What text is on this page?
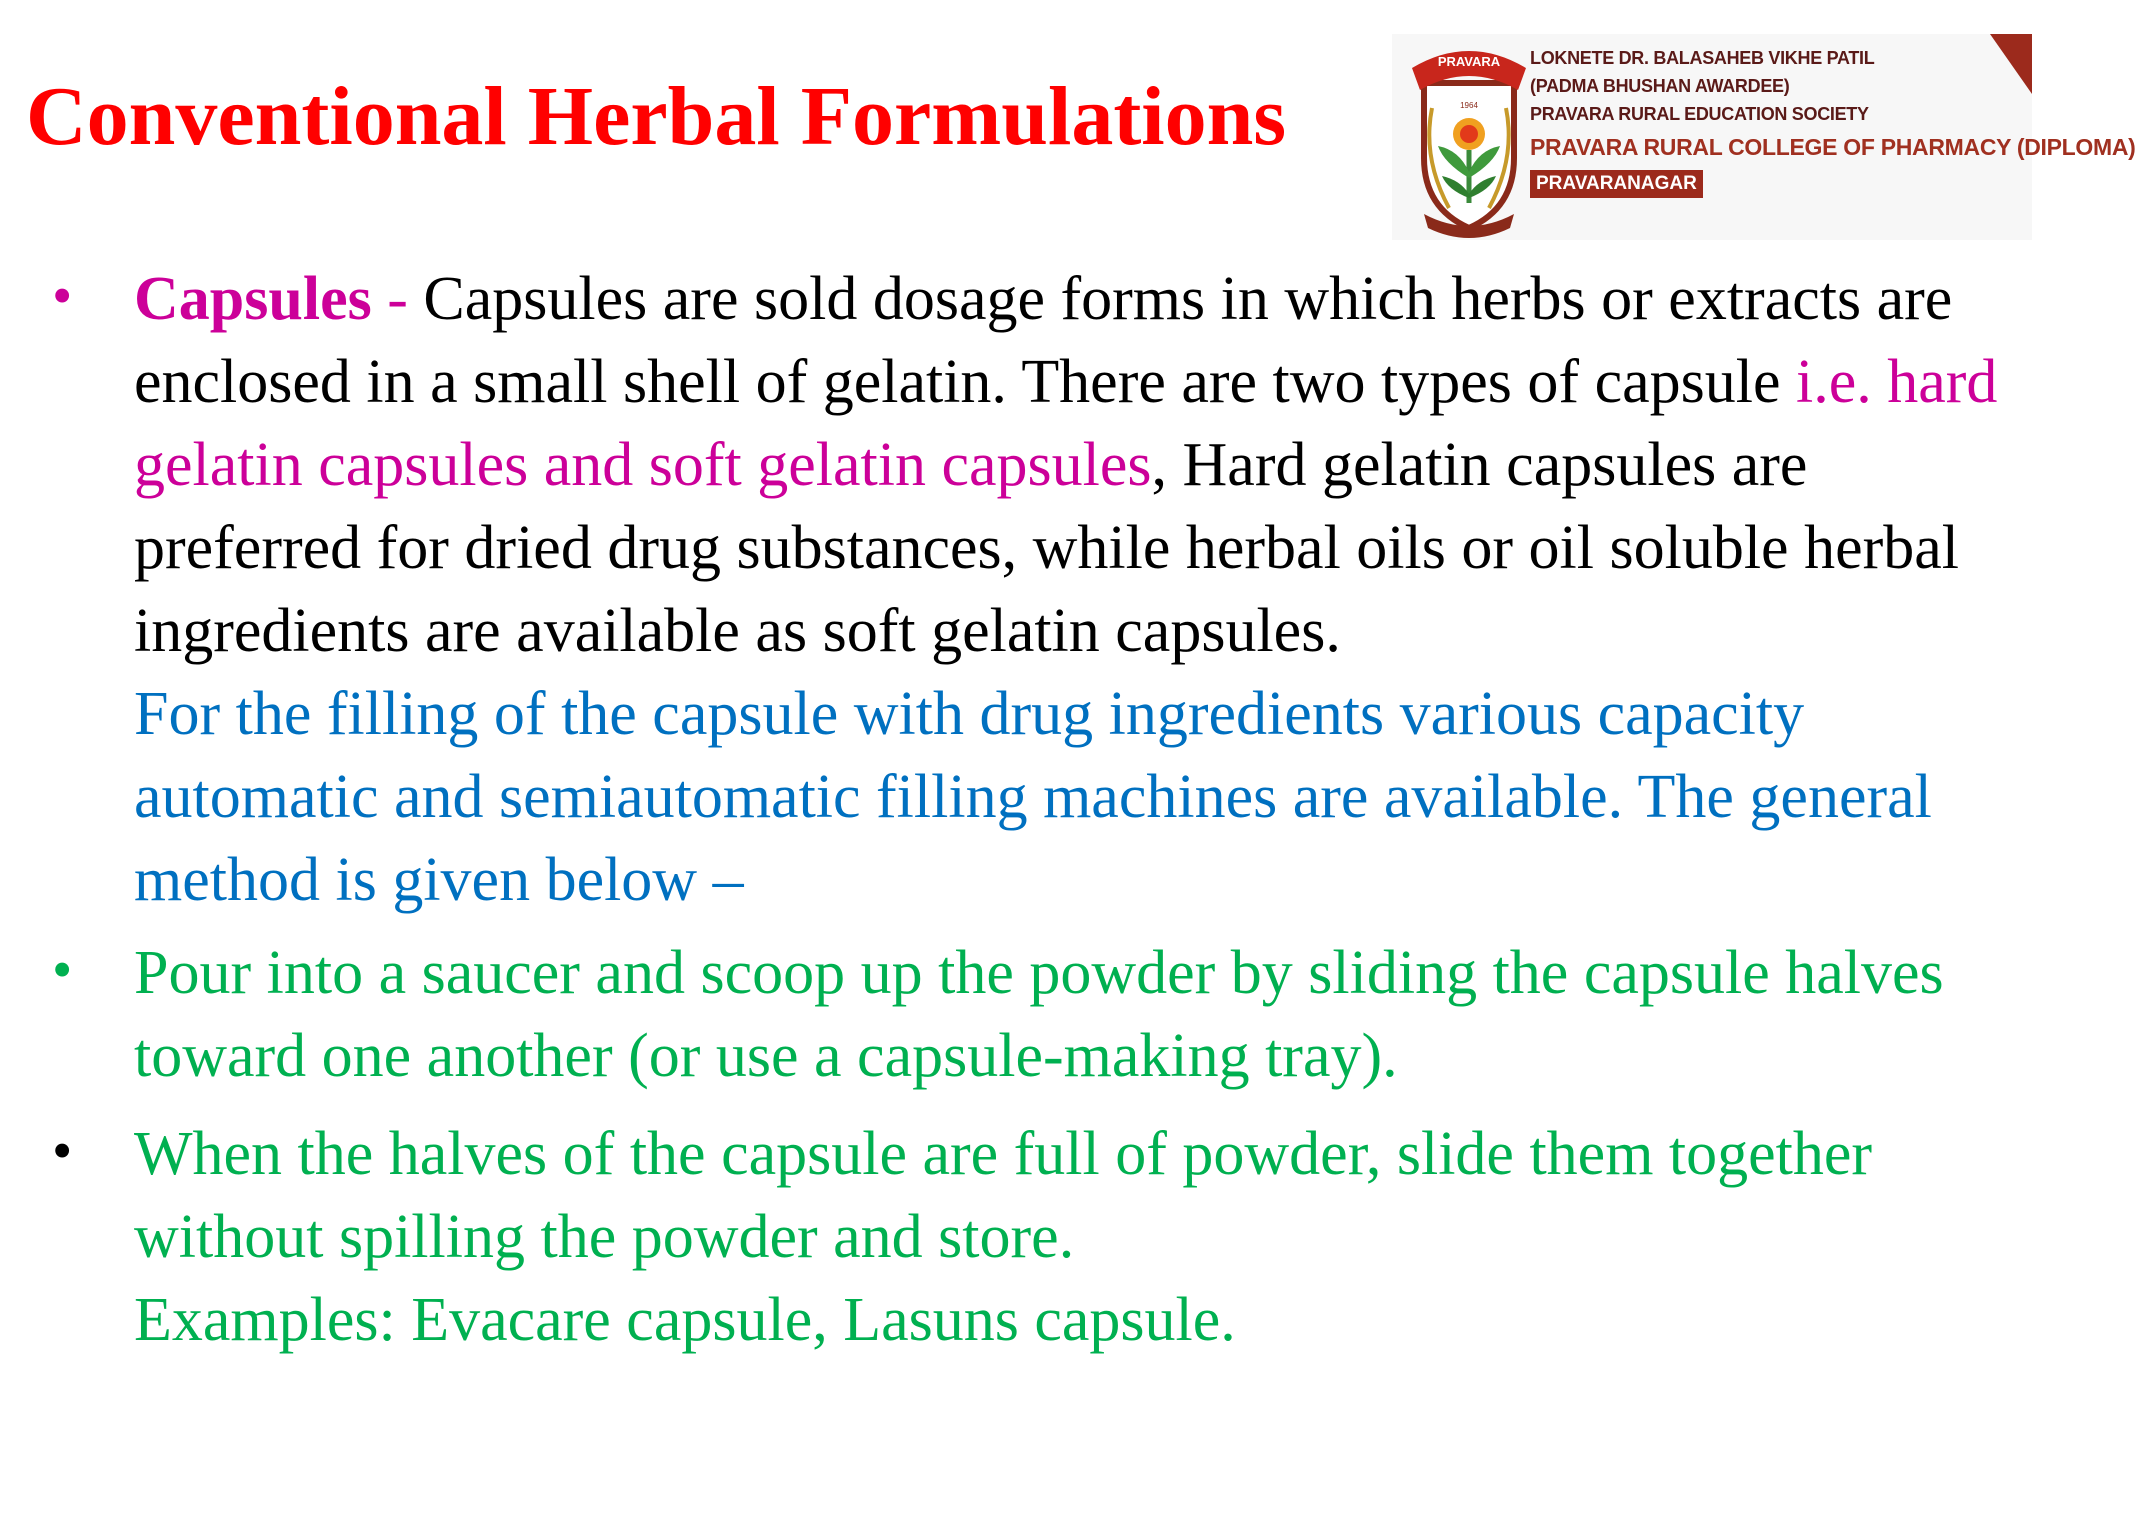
Conventional Herbal Formulations
PRAVARA
1964
LOKNETE DR. BALASAHEB VIKHE PATIL
(PADMA BHUSHAN AWARDEE)
PRAVARA RURAL EDUCATION SOCIETY
PRAVARA RURAL COLLEGE OF PHARMACY (DIPLOMA)
PRAVARANAGAR
• Capsules - Capsules are sold dosage forms in which herbs or extracts are enclosed in a small shell of gelatin. There are two types of capsule i.e. hard gelatin capsules and soft gelatin capsules, Hard gelatin capsules are preferred for dried drug substances, while herbal oils or oil soluble herbal ingredients are available as soft gelatin capsules.
For the filling of the capsule with drug ingredients various capacity automatic and semiautomatic filling machines are available. The general method is given below –
• Pour into a saucer and scoop up the powder by sliding the capsule halves toward one another (or use a capsule-making tray).
• When the halves of the capsule are full of powder, slide them together without spilling the powder and store.
Examples: Evacare capsule, Lasuns capsule.
